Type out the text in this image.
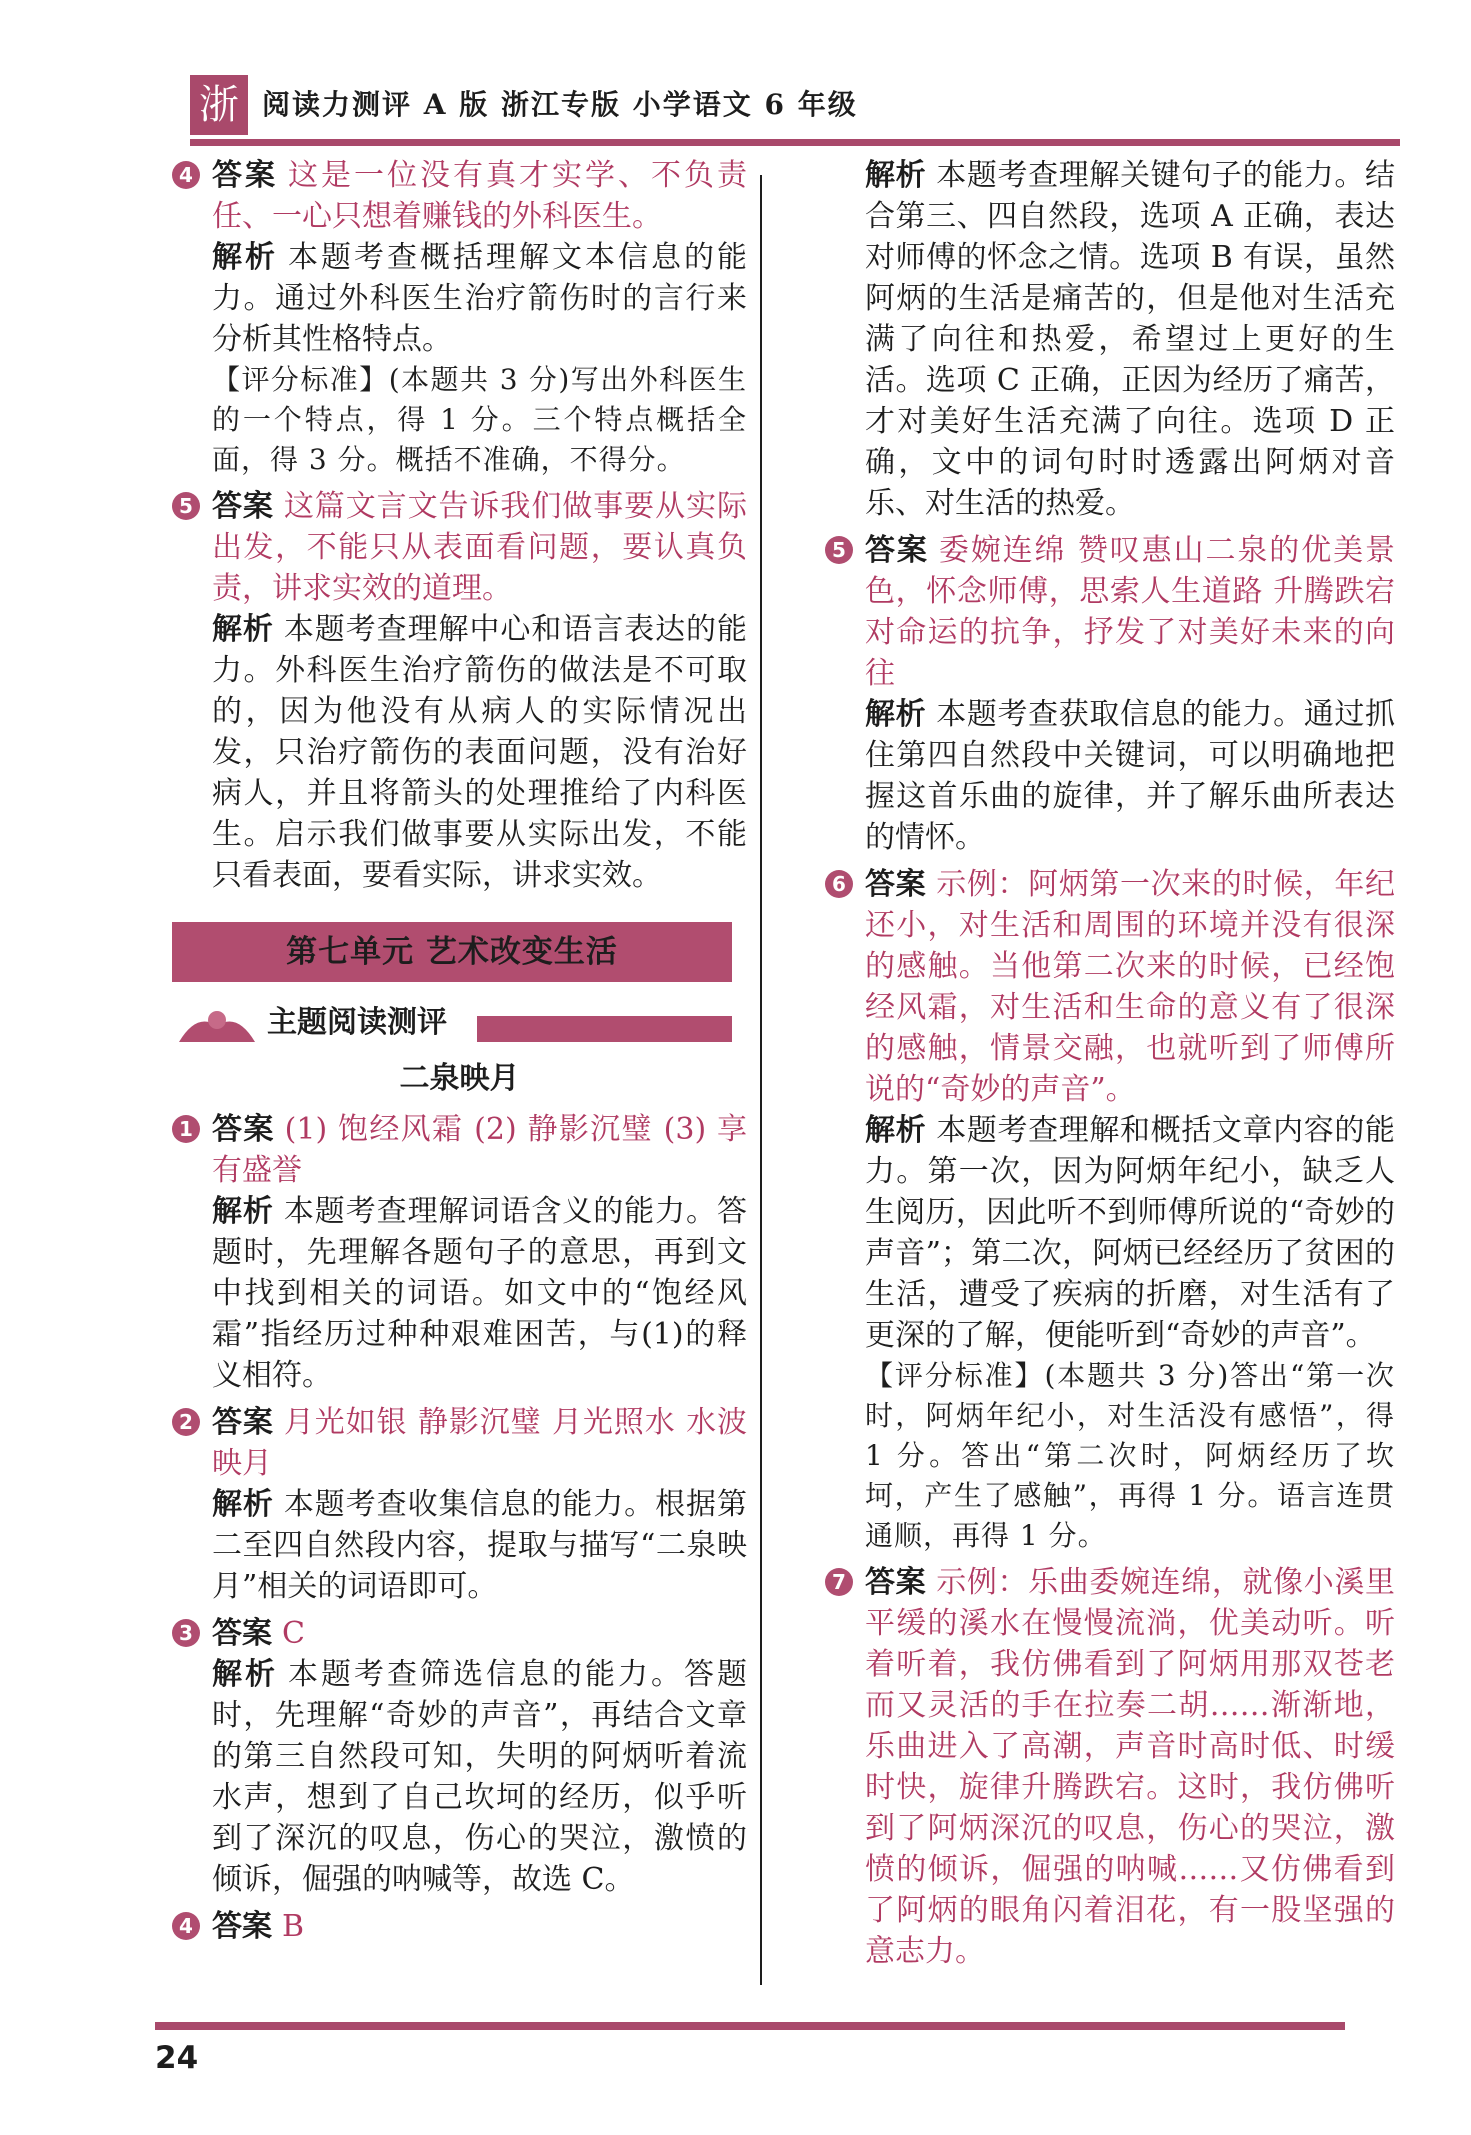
浙 阅读力测评 A 版 浙江专版 小学语文 6 年级
4 答案 这是一位没有真才实学、不负责任、一心只想着赚钱的外科医生。
解析 本题考查概括理解文本信息的能力。通过外科医生治疗箭伤时的言行来分析其性格特点。
【评分标准】(本题共 3 分)写出外科医生的一个特点，得 1 分。三个特点概括全面，得 3 分。概括不准确，不得分。
5 答案 这篇文言文告诉我们做事要从实际出发，不能只从表面看问题，要认真负责，讲求实效的道理。
解析 本题考查理解中心和语言表达的能力。外科医生治疗箭伤的做法是不可取的，因为他没有从病人的实际情况出发，只治疗箭伤的表面问题，没有治好病人，并且将箭头的处理推给了内科医生。启示我们做事要从实际出发，不能只看表面，要看实际，讲求实效。
第七单元 艺术改变生活
主题阅读测评
二泉映月
1 答案 (1) 饱经风霜 (2) 静影沉璧 (3) 享有盛誉
解析 本题考查理解词语含义的能力。答题时，先理解各题句子的意思，再到文中找到相关的词语。如文中的“饱经风霜”指经历过种种艰难困苦，与(1)的释义相符。
2 答案 月光如银 静影沉璧 月光照水 水波映月
解析 本题考查收集信息的能力。根据第二至四自然段内容，提取与描写“二泉映月”相关的词语即可。
3 答案 C
解析 本题考查筛选信息的能力。答题时，先理解“奇妙的声音”，再结合文章的第三自然段可知，失明的阿炳听着流水声，想到了自己坎坷的经历，似乎听到了深沉的叹息，伤心的哭泣，激愤的倾诉，倔强的呐喊等，故选 C。
4 答案 B
解析 本题考查理解关键句子的能力。结合第三、四自然段，选项 A 正确，表达对师傅的怀念之情。选项 B 有误，虽然阿炳的生活是痛苦的，但是他对生活充满了向往和热爱，希望过上更好的生活。选项 C 正确，正因为经历了痛苦，才对美好生活充满了向往。选项 D 正确，文中的词句时时透露出阿炳对音乐、对生活的热爱。
5 答案 委婉连绵 赞叹惠山二泉的优美景色，怀念师傅，思索人生道路 升腾跌宕 对命运的抗争，抒发了对美好未来的向往
解析 本题考查获取信息的能力。通过抓住第四自然段中关键词，可以明确地把握这首乐曲的旋律，并了解乐曲所表达的情怀。
6 答案 示例：阿炳第一次来的时候，年纪还小，对生活和周围的环境并没有很深的感触。当他第二次来的时候，已经饱经风霜，对生活和生命的意义有了很深的感触，情景交融，也就听到了师傅所说的“奇妙的声音”。
解析 本题考查理解和概括文章内容的能力。第一次，因为阿炳年纪小，缺乏人生阅历，因此听不到师傅所说的“奇妙的声音”；第二次，阿炳已经经历了贫困的生活，遭受了疾病的折磨，对生活有了更深的了解，便能听到“奇妙的声音”。
【评分标准】(本题共 3 分)答出“第一次时，阿炳年纪小，对生活没有感悟”，得 1 分。答出“第二次时，阿炳经历了坎坷，产生了感触”，再得 1 分。语言连贯通顺，再得 1 分。
7 答案 示例：乐曲委婉连绵，就像小溪里平缓的溪水在慢慢流淌，优美动听。听着听着，我仿佛看到了阿炳用那双苍老而又灵活的手在拉奏二胡……渐渐地，乐曲进入了高潮，声音时高时低、时缓时快，旋律升腾跌宕。这时，我仿佛听到了阿炳深沉的叹息，伤心的哭泣，激愤的倾诉，倔强的呐喊……又仿佛看到了阿炳的眼角闪着泪花，有一股坚强的意志力。
24
